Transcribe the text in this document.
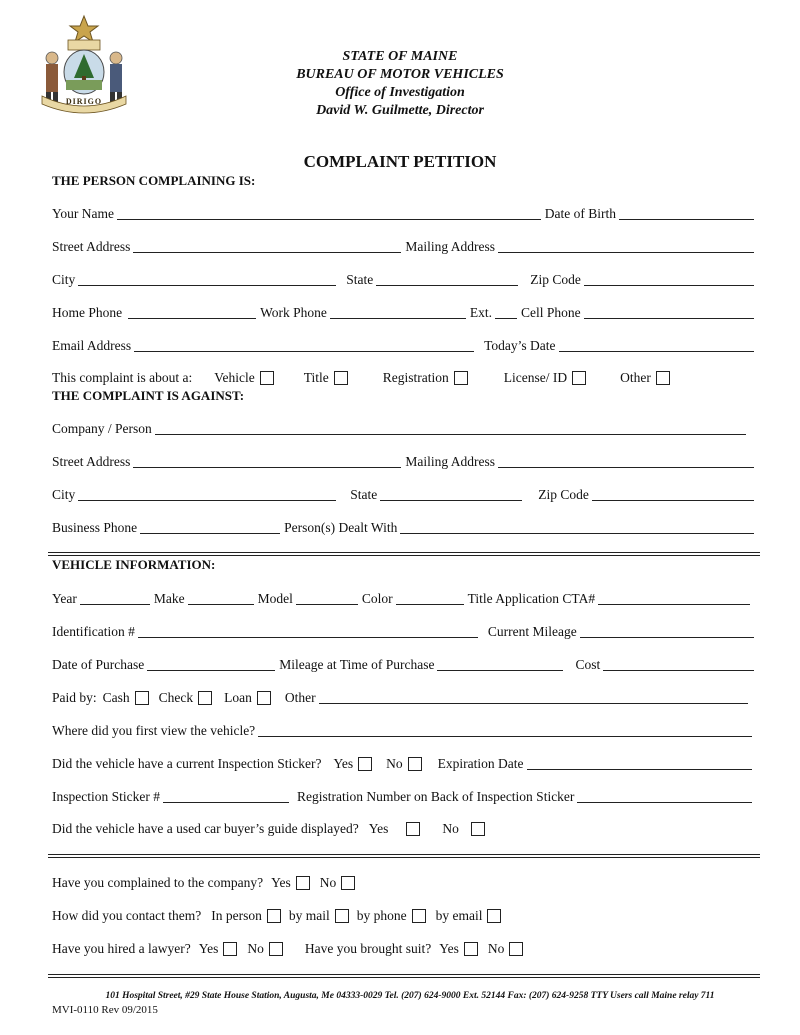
DIRIGO
STATE OF MAINE
BUREAU OF MOTOR VEHICLES
Office of Investigation
David W. Guilmette, Director
COMPLAINT PETITION
THE PERSON COMPLAINING IS:
Your Name	Date of Birth
Street Address	Mailing Address
City	State	Zip Code
Home Phone	Work Phone	Ext. Cell Phone
Email Address	Today’s Date
This complaint is about a: Vehicle	Title	Registration	License/ ID	Other
THE COMPLAINT IS AGAINST:
Company / Person
Street Address	Mailing Address
City	State	Zip Code
Business Phone	Person(s) Dealt With
VEHICLE INFORMATION:
Year	Make	Model	Color	Title Application CTA#
Identification #	Current Mileage
Date of Purchase	Mileage at Time of Purchase	Cost
Paid by: Cash Check Loan Other
Where did you first view the vehicle?
Did the vehicle have a current Inspection Sticker? Yes No	Expiration Date
Inspection Sticker #	Registration Number on Back of Inspection Sticker
Did the vehicle have a used car buyer’s guide displayed? Yes	No
Have you complained to the company? Yes No
How did you contact them? In person by mail by phone by email
Have you hired a lawyer? Yes No	Have you brought suit? Yes No
101 Hospital Street, #29 State House Station, Augusta, Me 04333-0029 Tel. (207) 624-9000 Ext. 52144 Fax: (207) 624-9258 TTY Users call Maine relay 711
MVI-0110 Rev 09/2015
